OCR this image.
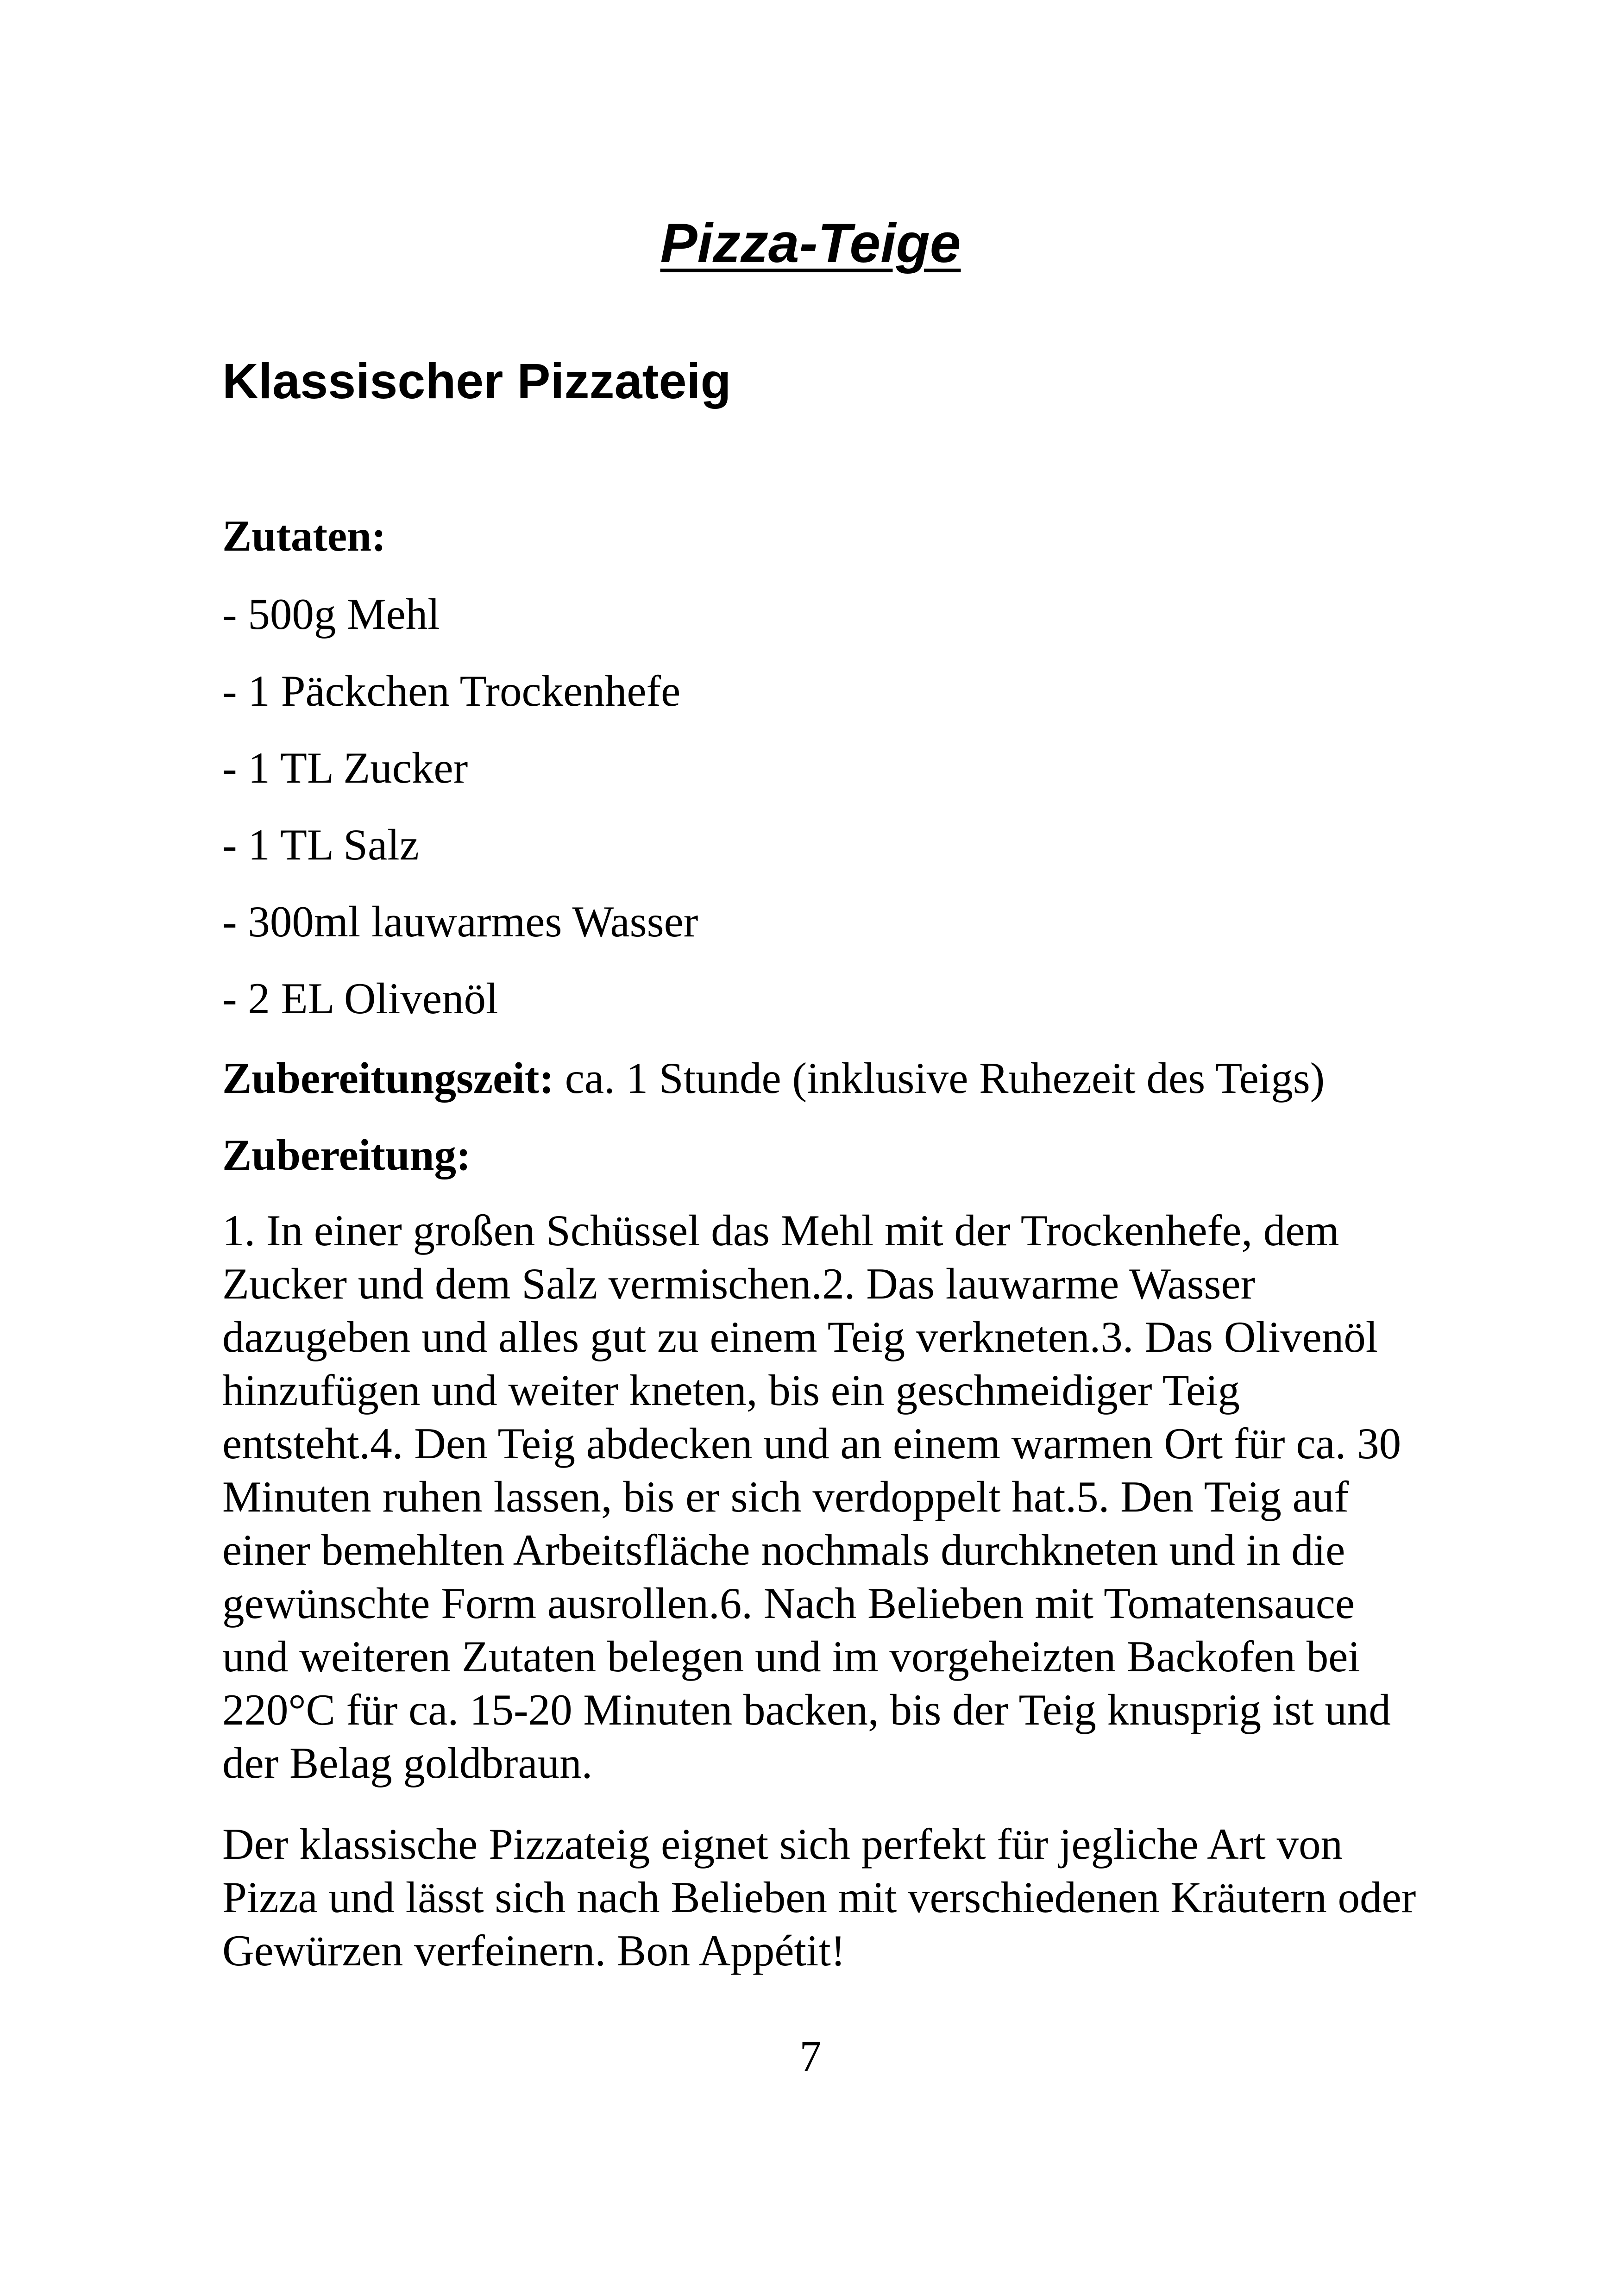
Pizza-Teige
Klassischer Pizzateig
Zutaten:
- 500g Mehl
- 1 Päckchen Trockenhefe
- 1 TL Zucker
- 1 TL Salz
- 300ml lauwarmes Wasser
- 2 EL Olivenöl
Zubereitungszeit: ca. 1 Stunde (inklusive Ruhezeit des Teigs)
Zubereitung:

1. In einer großen Schüssel das Mehl mit der Trockenhefe, dem Zucker und dem Salz vermischen.2. Das lauwarme Wasser dazugeben und alles gut zu einem Teig verkneten.3. Das Olivenöl hinzufügen und weiter kneten, bis ein geschmeidiger Teig entsteht.4. Den Teig abdecken und an einem warmen Ort für ca. 30 Minuten ruhen lassen, bis er sich verdoppelt hat.5. Den Teig auf einer bemehlten Arbeitsfläche nochmals durchkneten und in die gewünschte Form ausrollen.6. Nach Belieben mit Tomatensauce und weiteren Zutaten belegen und im vorgeheizten Backofen bei 220°C für ca. 15-20 Minuten backen, bis der Teig knusprig ist und der Belag goldbraun.

Der klassische Pizzateig eignet sich perfekt für jegliche Art von Pizza und lässt sich nach Belieben mit verschiedenen Kräutern oder Gewürzen verfeinern. Bon Appétit!

7
